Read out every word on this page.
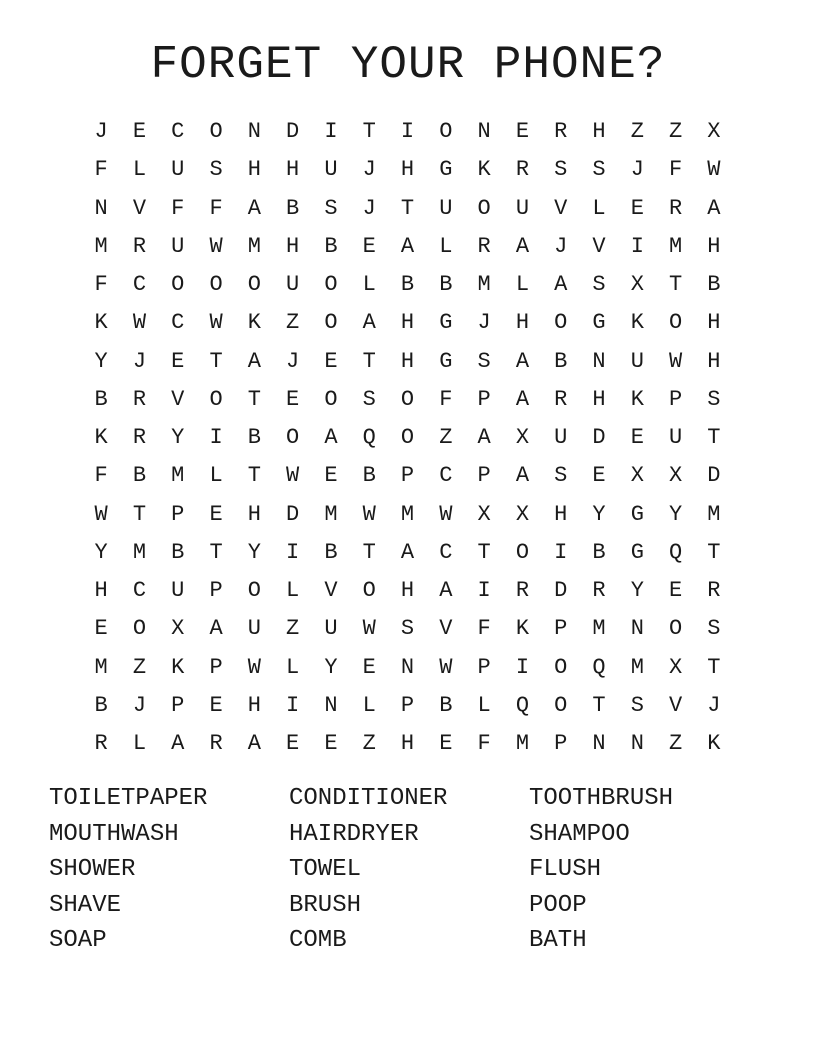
FORGET YOUR PHONE?
J	E	C	O	N	D	I	T	I	O	N	E	R	H	Z	Z	X
F	L	U	S	H	H	U	J	H	G	K	R	S	S	J	F	W
N	V	F	F	A	B	S	J	T	U	O	U	V	L	E	R	A
M	R	U	W	M	H	B	E	A	L	R	A	J	V	I	M	H
F	C	O	O	O	U	O	L	B	B	M	L	A	S	X	T	B
K	W	C	W	K	Z	O	A	H	G	J	H	O	G	K	O	H
Y	J	E	T	A	J	E	T	H	G	S	A	B	N	U	W	H
B	R	V	O	T	E	O	S	O	F	P	A	R	H	K	P	S
K	R	Y	I	B	O	A	Q	O	Z	A	X	U	D	E	U	T
F	B	M	L	T	W	E	B	P	C	P	A	S	E	X	X	D
W	T	P	E	H	D	M	W	M	W	X	X	H	Y	G	Y	M
Y	M	B	T	Y	I	B	T	A	C	T	O	I	B	G	Q	T
H	C	U	P	O	L	V	O	H	A	I	R	D	R	Y	E	R
E	O	X	A	U	Z	U	W	S	V	F	K	P	M	N	O	S
M	Z	K	P	W	L	Y	E	N	W	P	I	O	Q	M	X	T
B	J	P	E	H	I	N	L	P	B	L	Q	O	T	S	V	J
R	L	A	R	A	E	E	Z	H	E	F	M	P	N	N	Z	K
TOILETPAPER	CONDITIONER	TOOTHBRUSH
MOUTHWASH	HAIRDRYER	SHAMPOO
SHOWER	TOWEL	FLUSH
SHAVE	BRUSH	POOP
SOAP	COMB	BATH
